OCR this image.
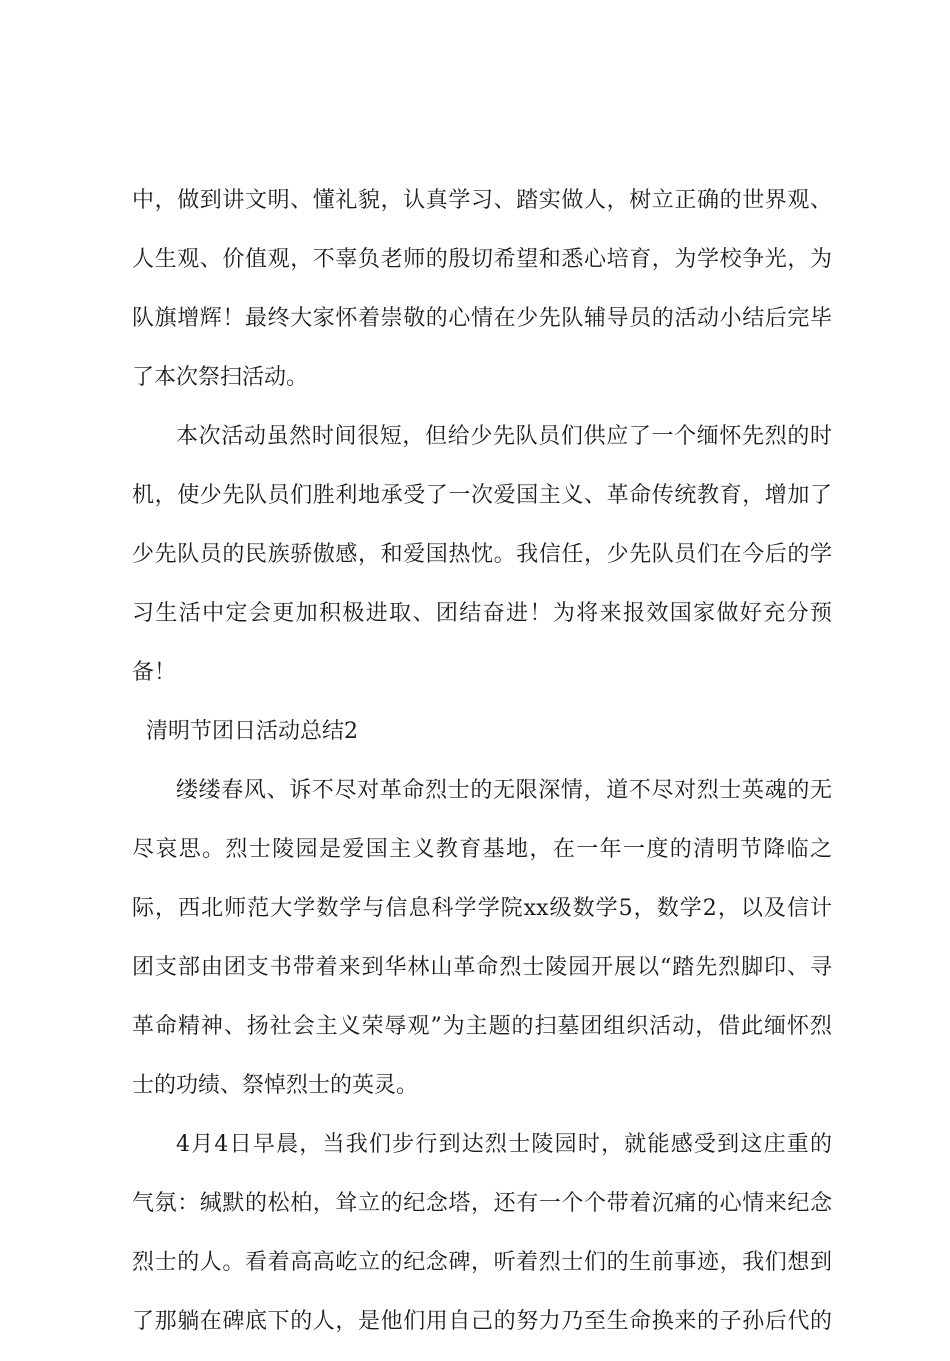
中，做到讲文明、懂礼貌，认真学习、踏实做人，树立正确的世界观、
人生观、价值观，不辜负老师的殷切希望和悉心培育，为学校争光，为
队旗增辉！最终大家怀着崇敬的心情在少先队辅导员的活动小结后完毕
了本次祭扫活动。
本次活动虽然时间很短，但给少先队员们供应了一个缅怀先烈的时
机，使少先队员们胜利地承受了一次爱国主义、革命传统教育，增加了
少先队员的民族骄傲感，和爱国热忱。我信任，少先队员们在今后的学
习生活中定会更加积极进取、团结奋进！为将来报效国家做好充分预
备！
清明节团日活动总结2
缕缕春风、诉不尽对革命烈士的无限深情，道不尽对烈士英魂的无
尽哀思。烈士陵园是爱国主义教育基地，在一年一度的清明节降临之
际，西北师范大学数学与信息科学学院xx级数学5，数学2，以及信计
团支部由团支书带着来到华林山革命烈士陵园开展以“踏先烈脚印、寻
革命精神、扬社会主义荣辱观”为主题的扫墓团组织活动，借此缅怀烈
士的功绩、祭悼烈士的英灵。
4月4日早晨，当我们步行到达烈士陵园时，就能感受到这庄重的
气氛：缄默的松柏，耸立的纪念塔，还有一个个带着沉痛的心情来纪念
烈士的人。看着高高屹立的纪念碑，听着烈士们的生前事迹，我们想到
了那躺在碑底下的人，是他们用自己的努力乃至生命换来的子孙后代的
